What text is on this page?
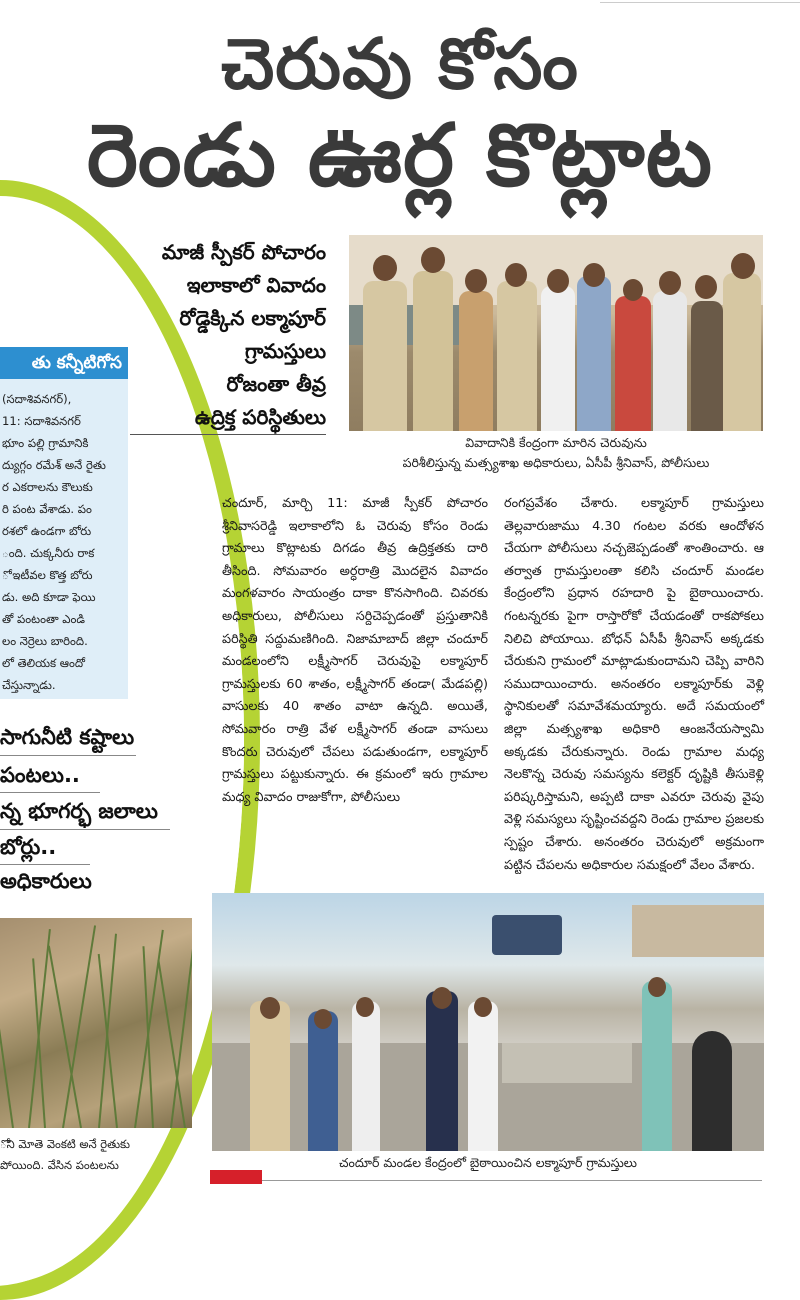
చెరువు కోసం
రెండు ఊర్ల కొట్లాట
తు కన్నీటిగోస
(సదాశివనగర్),
11: సదాశివనగర్
భూం పల్లి గ్రామానికి
ద్యుగ్గం రమేశ్ అనే రైతు
ర ఎకరాలను కౌలుకు
రి పంట వేశాడు. పం
రశలో ఉండగా బోరు
ంది. చుక్కనీరు రాక
ో ఇటీవల కొత్త బోరు
డు. అది కూడా ఫెయి
తో పంటంతా ఎండి
లం నెర్రెలు బారింది.
లో తెలియక ఆందో
చేస్తున్నాడు.
సాగునీటి కష్టాలు
పంటలు..
న్న భూగర్భ జలాలు
బోర్లు..
అధికారులు
ోని మోతె వెంకటి అనే రైతుకు
పోయింది. వేసిన పంటలను
మాజీ స్పీకర్ పోచారం
ఇలాకాలో వివాదం
రోడ్డెక్కిన లక్మాపూర్
గ్రామస్తులు
రోజంతా తీవ్ర
ఉద్రిక్త పరిస్థితులు
వివాదానికి కేంద్రంగా మారిన చెరువును
పరిశీలిస్తున్న మత్స్యశాఖ అధికారులు, ఏసీపీ శ్రీనివాస్, పోలీసులు
చందూర్, మార్చి 11: మాజీ స్పీకర్ పోచారం శ్రీనివాసరెడ్డి ఇలాకాలోని ఓ చెరువు కోసం రెండు గ్రామాలు కొట్లాటకు దిగడం తీవ్ర ఉద్రిక్తతకు దారి తీసింది. సోమవారం అర్ధరాత్రి మొదలైన వివాదం మంగళవారం సాయంత్రం దాకా కొనసాగింది. చివరకు అధికారులు, పోలీసులు సర్దిచెప్పడంతో ప్రస్తుతానికి పరిస్థితి సద్దుమణిగింది. నిజామాబాద్ జిల్లా చందూర్ మండలంలోని లక్ష్మీసాగర్ చెరువుపై లక్మాపూర్ గ్రామస్తులకు 60 శాతం, లక్ష్మీసాగర్ తండా( మేడపల్లి) వాసులకు 40 శాతం వాటా ఉన్నది. అయితే, సోమవారం రాత్రి వేళ లక్ష్మీసాగర్ తండా వాసులు కొందరు చెరువులో చేపలు పడుతుండగా, లక్మాపూర్ గ్రామస్తులు పట్టుకున్నారు. ఈ క్రమంలో ఇరు గ్రామాల మధ్య వివాదం రాజుకోగా, పోలీసులు
రంగప్రవేశం చేశారు. లక్మాపూర్ గ్రామస్తులు తెల్లవారుజాము 4.30 గంటల వరకు ఆందోళన చేయగా పోలీసులు నచ్చజెప్పడంతో శాంతించారు. ఆ తర్వాత గ్రామస్తులంతా కలిసి చందూర్ మండల కేంద్రంలోని ప్రధాన రహదారి పై బైఠాయించారు. గంటన్నరకు పైగా రాస్తారోకో చేయడంతో రాకపోకలు నిలిచి పోయాయి. బోధన్ ఏసీపీ శ్రీనివాస్ అక్కడకు చేరుకుని గ్రామంలో మాట్లాడుకుందామని చెప్పి వారిని సముదాయించారు. అనంతరం లక్మాపూర్‌కు వెళ్లి స్థానికులతో సమావేశమయ్యారు. అదే సమయంలో జిల్లా మత్స్యశాఖ అధికారి ఆంజనేయస్వామి అక్కడకు చేరుకున్నారు. రెండు గ్రామాల మధ్య నెలకొన్న చెరువు సమస్యను కలెక్టర్ దృష్టికి తీసుకెళ్లి పరిష్కరిస్తామని, అప్పటి దాకా ఎవరూ చెరువు వైపు వెళ్లి సమస్యలు సృష్టించవద్దని రెండు గ్రామాల ప్రజలకు స్పష్టం చేశారు. అనంతరం చెరువులో అక్రమంగా పట్టిన చేపలను అధికారుల సమక్షంలో వేలం వేశారు.
చందూర్ మండల కేంద్రంలో బైఠాయించిన లక్మాపూర్ గ్రామస్తులు
